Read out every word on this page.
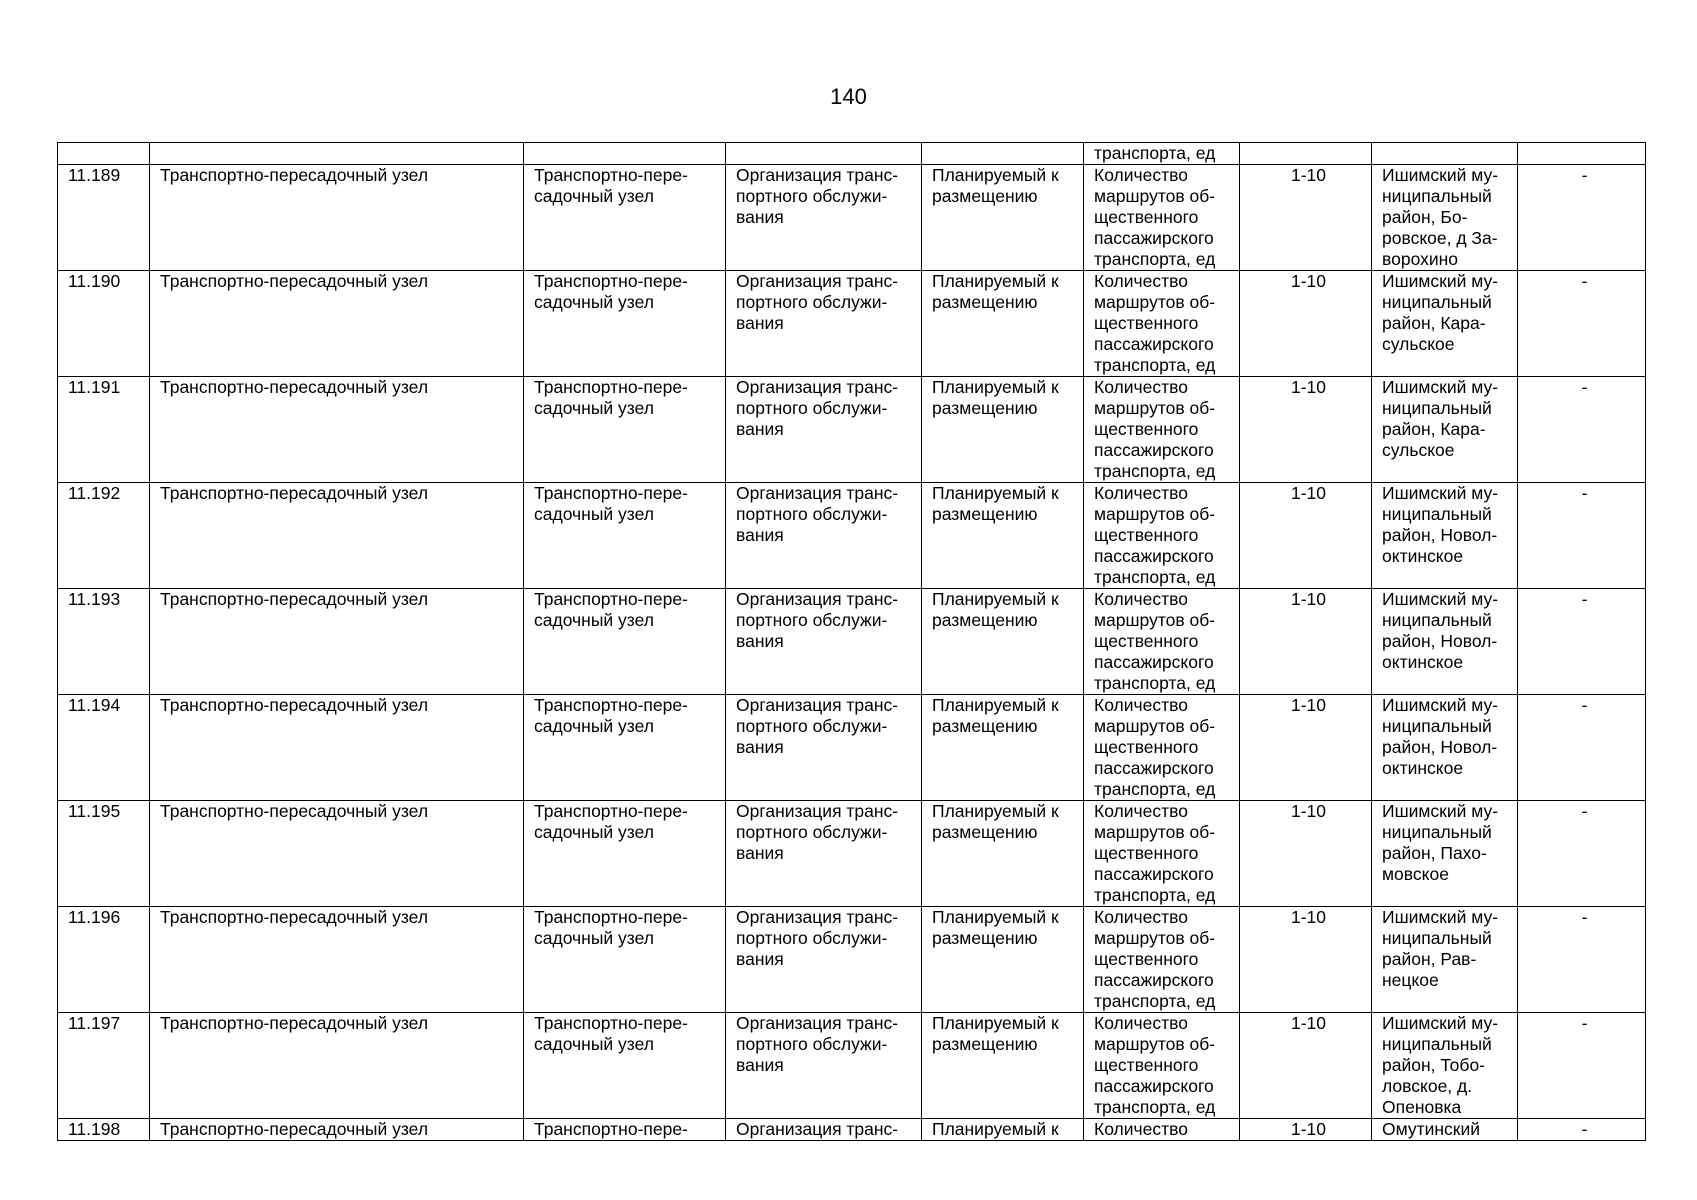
140
					транспорта, ед			
11.189	Транспортно-пересадочный узел	Транспортно-пере-
садочный узел	Организация транс-
портного обслужи-
вания	Планируемый к
размещению	Количество
маршрутов об-
щественного
пассажирского
транспорта, ед	1-10	Ишимский му-
ниципальный
район, Бо-
ровское, д За-
ворохино	-
11.190	Транспортно-пересадочный узел	Транспортно-пере-
садочный узел	Организация транс-
портного обслужи-
вания	Планируемый к
размещению	Количество
маршрутов об-
щественного
пассажирского
транспорта, ед	1-10	Ишимский му-
ниципальный
район, Кара-
сульское	-
11.191	Транспортно-пересадочный узел	Транспортно-пере-
садочный узел	Организация транс-
портного обслужи-
вания	Планируемый к
размещению	Количество
маршрутов об-
щественного
пассажирского
транспорта, ед	1-10	Ишимский му-
ниципальный
район, Кара-
сульское	-
11.192	Транспортно-пересадочный узел	Транспортно-пере-
садочный узел	Организация транс-
портного обслужи-
вания	Планируемый к
размещению	Количество
маршрутов об-
щественного
пассажирского
транспорта, ед	1-10	Ишимский му-
ниципальный
район, Новол-
октинское	-
11.193	Транспортно-пересадочный узел	Транспортно-пере-
садочный узел	Организация транс-
портного обслужи-
вания	Планируемый к
размещению	Количество
маршрутов об-
щественного
пассажирского
транспорта, ед	1-10	Ишимский му-
ниципальный
район, Новол-
октинское	-
11.194	Транспортно-пересадочный узел	Транспортно-пере-
садочный узел	Организация транс-
портного обслужи-
вания	Планируемый к
размещению	Количество
маршрутов об-
щественного
пассажирского
транспорта, ед	1-10	Ишимский му-
ниципальный
район, Новол-
октинское	-
11.195	Транспортно-пересадочный узел	Транспортно-пере-
садочный узел	Организация транс-
портного обслужи-
вания	Планируемый к
размещению	Количество
маршрутов об-
щественного
пассажирского
транспорта, ед	1-10	Ишимский му-
ниципальный
район, Пахо-
мовское	-
11.196	Транспортно-пересадочный узел	Транспортно-пере-
садочный узел	Организация транс-
портного обслужи-
вания	Планируемый к
размещению	Количество
маршрутов об-
щественного
пассажирского
транспорта, ед	1-10	Ишимский му-
ниципальный
район, Рав-
нецкое	-
11.197	Транспортно-пересадочный узел	Транспортно-пере-
садочный узел	Организация транс-
портного обслужи-
вания	Планируемый к
размещению	Количество
маршрутов об-
щественного
пассажирского
транспорта, ед	1-10	Ишимский му-
ниципальный
район, Тобо-
ловское, д.
Опеновка	-
11.198	Транспортно-пересадочный узел	Транспортно-пере-	Организация транс-	Планируемый к	Количество	1-10	Омутинский	-
